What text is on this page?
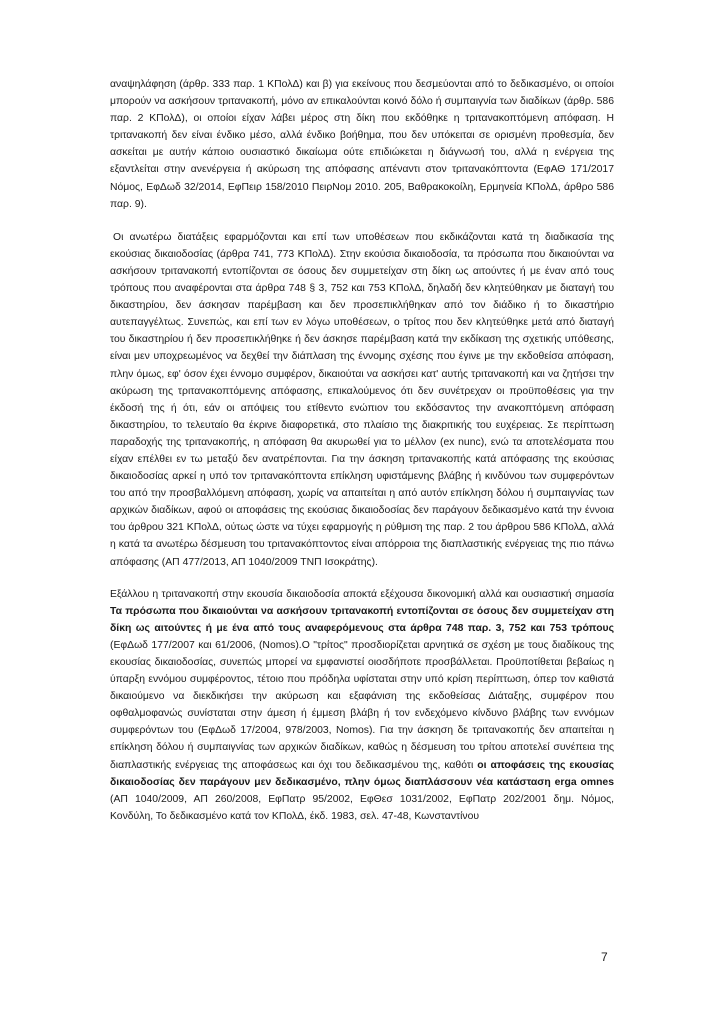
αναψηλάφηση (άρθρ. 333 παρ. 1 ΚΠολΔ) και β) για εκείνους που δεσμεύονται από το δεδικασμένο, οι οποίοι μπορούν να ασκήσουν τριτανακοπή, μόνο αν επικαλούνται κοινό δόλο ή συμπαιγνία των διαδίκων (άρθρ. 586 παρ. 2 ΚΠολΔ), οι οποίοι είχαν λάβει μέρος στη δίκη που εκδόθηκε η τριτανακοπτόμενη απόφαση. Η τριτανακοπή δεν είναι ένδικο μέσο, αλλά ένδικο βοήθημα, που δεν υπόκειται σε ορισμένη προθεσμία, δεν ασκείται με αυτήν κάποιο ουσιαστικό δικαίωμα ούτε επιδιώκεται η διάγνωσή του, αλλά η ενέργεια της εξαντλείται στην ανενέργεια ή ακύρωση της απόφασης απέναντι στον τριτανακόπτοντα (ΕφΑΘ 171/2017 Νόμος, ΕφΔωδ 32/2014, ΕφΠειρ 158/2010 ΠειρΝομ 2010. 205, Βαθρακοκοίλη, Ερμηνεία ΚΠολΔ, άρθρο 586 παρ. 9).

Οι ανωτέρω διατάξεις εφαρμόζονται και επί των υποθέσεων που εκδικάζονται κατά τη διαδικασία της εκούσιας δικαιοδοσίας (άρθρα 741, 773 ΚΠολΔ). Στην εκούσια δικαιοδοσία, τα πρόσωπα που δικαιούνται να ασκήσουν τριτανακοπή εντοπίζονται σε όσους δεν συμμετείχαν στη δίκη ως αιτούντες ή με έναν από τους τρόπους που αναφέρονται στα άρθρα 748 § 3, 752 και 753 ΚΠολΔ, δηλαδή δεν κλητεύθηκαν με διαταγή του δικαστηρίου, δεν άσκησαν παρέμβαση και δεν προσεπικλήθηκαν από τον διάδικο ή το δικαστήριο αυτεπαγγέλτως. Συνεπώς, και επί των εν λόγω υποθέσεων, ο τρίτος που δεν κλητεύθηκε μετά από διαταγή του δικαστηρίου ή δεν προσεπικλήθηκε ή δεν άσκησε παρέμβαση κατά την εκδίκαση της σχετικής υπόθεσης, είναι μεν υποχρεωμένος να δεχθεί την διάπλαση της έννομης σχέσης που έγινε με την εκδοθείσα απόφαση, πλην όμως, εφ' όσον έχει έννομο συμφέρον, δικαιούται να ασκήσει κατ' αυτής τριτανακοπή και να ζητήσει την ακύρωση της τριτανακοπτόμενης απόφασης, επικαλούμενος ότι δεν συνέτρεχαν οι προϋποθέσεις για την έκδοσή της ή ότι, εάν οι απόψεις του ετίθεντο ενώπιον του εκδόσαντος την ανακοπτόμενη απόφαση δικαστηρίου, το τελευταίο θα έκρινε διαφορετικά, στο πλαίσιο της διακριτικής του ευχέρειας. Σε περίπτωση παραδοχής της τριτανακοπής, η απόφαση θα ακυρωθεί για το μέλλον (ex nunc), ενώ τα αποτελέσματα που είχαν επέλθει εν τω μεταξύ δεν ανατρέπονται. Για την άσκηση τριτανακοπής κατά απόφασης της εκούσιας δικαιοδοσίας αρκεί η υπό τον τριτανακόπτοντα επίκληση υφιστάμενης βλάβης ή κινδύνου των συμφερόντων του από την προσβαλλόμενη απόφαση, χωρίς να απαιτείται η από αυτόν επίκληση δόλου ή συμπαιγνίας των αρχικών διαδίκων, αφού οι αποφάσεις της εκούσιας δικαιοδοσίας δεν παράγουν δεδικασμένο κατά την έννοια του άρθρου 321 ΚΠολΔ, ούτως ώστε να τύχει εφαρμογής η ρύθμιση της παρ. 2 του άρθρου 586 ΚΠολΔ, αλλά η κατά τα ανωτέρω δέσμευση του τριτανακόπτοντος είναι απόρροια της διαπλαστικής ενέργειας της πιο πάνω απόφασης (ΑΠ 477/2013, ΑΠ 1040/2009 ΤΝΠ Ισοκράτης).

Εξάλλου η τριτανακοπή στην εκουσία δικαιοδοσία αποκτά εξέχουσα δικονομική αλλά και ουσιαστική σημασία Τα πρόσωπα που δικαιούνται να ασκήσουν τριτανακοπή εντοπίζονται σε όσους δεν συμμετείχαν στη δίκη ως αιτούντες ή με ένα από τους αναφερόμενους στα άρθρα 748 παρ. 3, 752 και 753 τρόπους (ΕφΔωδ 177/2007 και 61/2006, (Nomos).Ο "τρίτος" προσδιορίζεται αρνητικά σε σχέση με τους διαδίκους της εκουσίας δικαιοδοσίας, συνεπώς μπορεί να εμφανιστεί οιοσδήποτε προσβάλλεται. Προϋποτίθεται βεβαίως η ύπαρξη εννόμου συμφέροντος, τέτοιο που πρόδηλα υφίσταται στην υπό κρίση περίπτωση, όπερ τον καθιστά δικαιούμενο να διεκδικήσει την ακύρωση και εξαφάνιση της εκδοθείσας Διάταξης, συμφέρον που οφθαλμοφανώς συνίσταται στην άμεση ή έμμεση βλάβη ή τον ενδεχόμενο κίνδυνο βλάβης των εννόμων συμφερόντων του (ΕφΔωδ 17/2004, 978/2003, Nomos). Για την άσκηση δε τριτανακοπής δεν απαιτείται η επίκληση δόλου ή συμπαιγνίας των αρχικών διαδίκων, καθώς η δέσμευση του τρίτου αποτελεί συνέπεια της διαπλαστικής ενέργειας της αποφάσεως και όχι του δεδικασμένου της, καθότι οι αποφάσεις της εκουσίας δικαιοδοσίας δεν παράγουν μεν δεδικασμένο, πλην όμως διαπλάσσουν νέα κατάσταση erga omnes (ΑΠ 1040/2009, ΑΠ 260/2008, ΕφΠατρ 95/2002, ΕφΘεσ 1031/2002, ΕφΠατρ 202/2001 δημ. Νόμος, Κονδύλη, Το δεδικασμένο κατά τον ΚΠολΔ, έκδ. 1983, σελ. 47-48, Κωνσταντίνου

7
